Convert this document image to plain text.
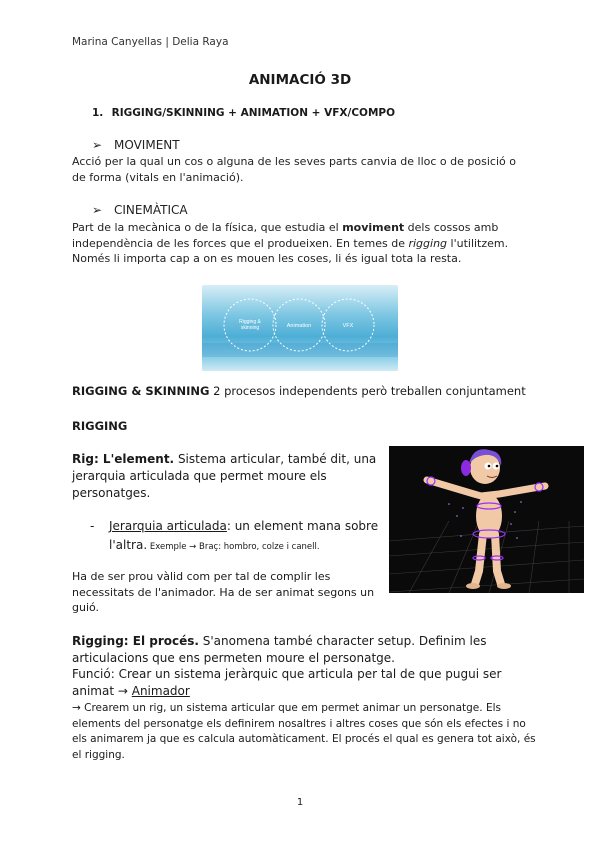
Marina Canyellas | Delia Raya
ANIMACIÓ 3D
1. RIGGING/SKINNING + ANIMATION + VFX/COMPO
➢ MOVIMENT
Acció per la qual un cos o alguna de les seves parts canvia de lloc o de posició o de forma (vitals en l'animació).
➢ CINEMÀTICA
Part de la mecànica o de la física, que estudia el moviment dels cossos amb independència de les forces que el produeixen. En temes de rigging l'utilitzem. Només li importa cap a on es mouen les coses, li és igual tota la resta.
Rigging &
skinning	Animation	VFX
RIGGING & SKINNING 2 procesos independents però treballen conjuntament
RIGGING
Rig: L'element. Sistema articular, també dit, una jerarquia articulada que permet moure els personatges.
- Jerarquia articulada: un element mana sobre l'altra. Exemple → Braç: hombro, colze i canell.
Ha de ser prou vàlid com per tal de complir les necessitats de l'animador. Ha de ser animat segons un guió.
Rigging: El procés. S'anomena també character setup. Definim les articulacions que ens permeten moure el personatge.
Funció: Crear un sistema jeràrquic que articula per tal de que pugui ser animat → Animador
→ Crearem un rig, un sistema articular que em permet animar un personatge. Els elements del personatge els definirem nosaltres i altres coses que són els efectes i no els animarem ja que es calcula automàticament. El procés el qual es genera tot això, és el rigging.
1
